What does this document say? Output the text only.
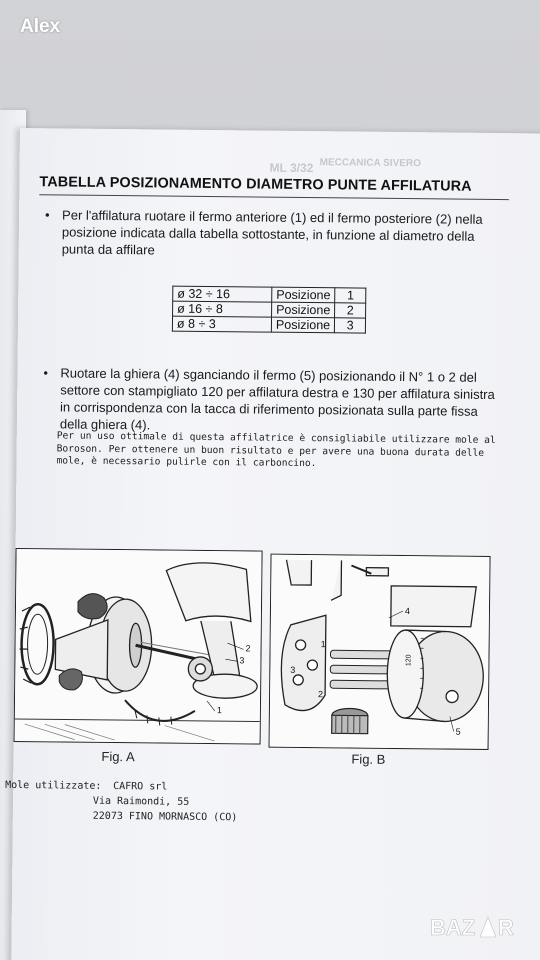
MECCANICA SIVERO
ML 3/32
TABELLA POSIZIONAMENTO DIAMETRO PUNTE AFFILATURA
• Per l'affilatura ruotare il fermo anteriore (1) ed il fermo posteriore (2) nella posizione indicata dalla tabella sottostante, in funzione al diametro della punta da affilare
ø 32 ÷ 16	Posizione	1
ø 16 ÷ 8	Posizione	2
ø 8 ÷ 3	Posizione	3
• Ruotare la ghiera (4) sganciando il fermo (5) posizionando il N° 1 o 2 del settore con stampigliato 120 per affilatura destra e 130 per affilatura sinistra in corrispondenza con la tacca di riferimento posizionata sulla parte fissa della ghiera (4).
Per un uso ottimale di questa affilatrice è consigliabile utilizzare mole al Boroson. Per ottenere un buon risultato e per avere una buona durata delle mole, è necessario pulirle con il carboncino.
2
3
1
Fig. A
120
4
3
2
1
5
Fig. B
Mole utilizzate: CAFRO srl
Via Raimondi, 55
22073 FINO MORNASCO (CO)
Alex
BAZ R
